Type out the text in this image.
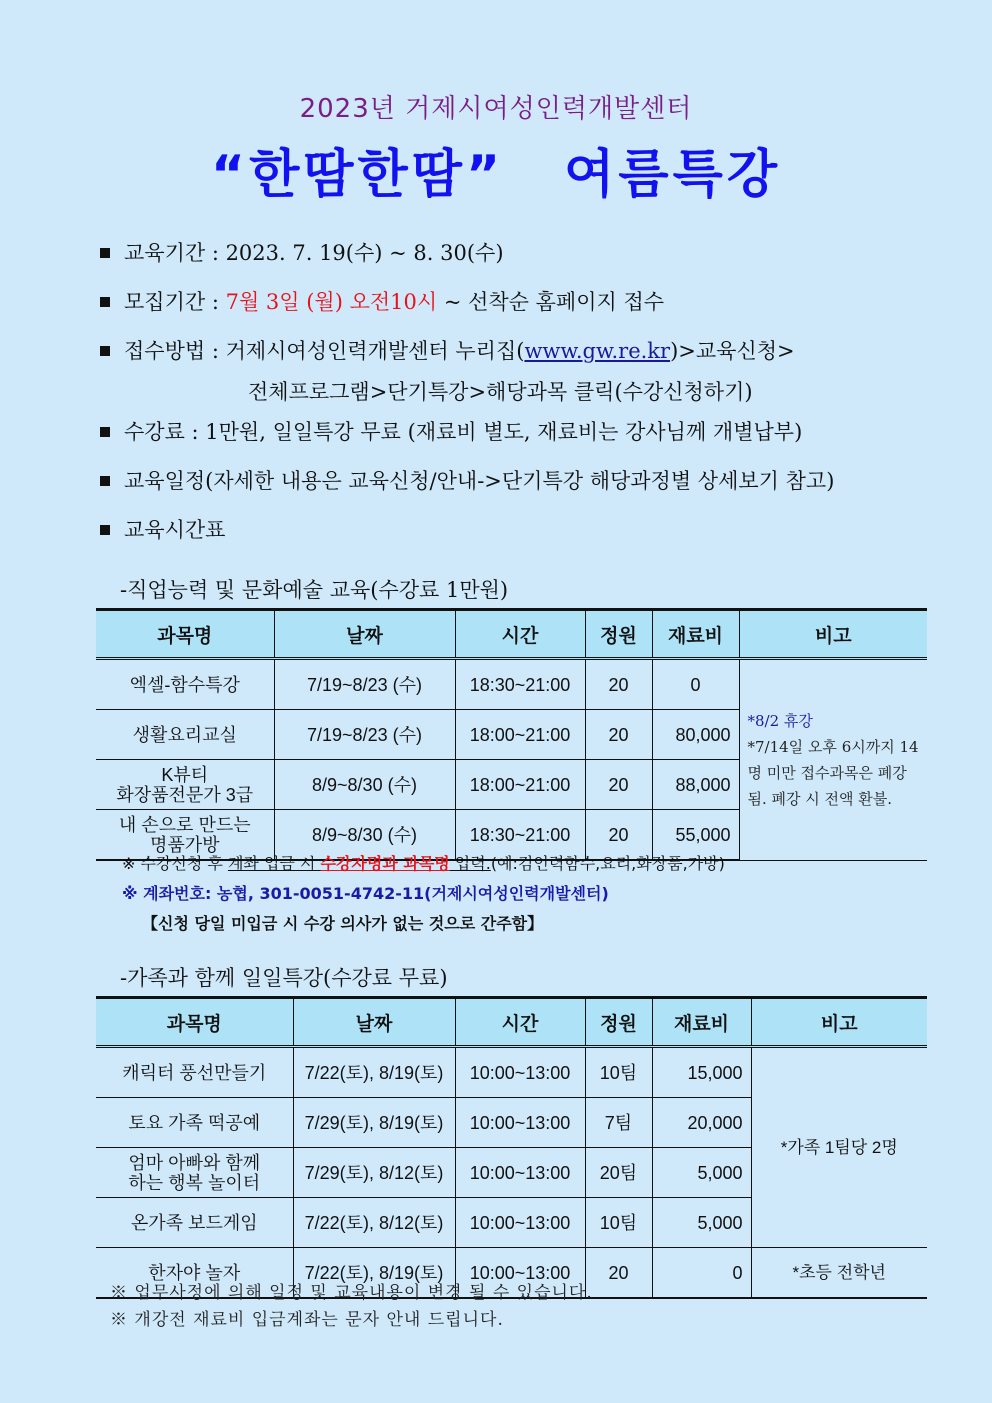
2023년 거제시여성인력개발센터
“한땀한땀” 여름특강
교육기간 : 2023. 7. 19(수) ~ 8. 30(수)
모집기간 : 7월 3일 (월) 오전10시 ~ 선착순 홈페이지 접수
접수방법 : 거제시여성인력개발센터 누리집(www.gw.re.kr)>교육신청>
전체프로그램>단기특강>해당과목 클릭(수강신청하기)
수강료 : 1만원, 일일특강 무료 (재료비 별도, 재료비는 강사님께 개별납부)
교육일정(자세한 내용은 교육신청/안내->단기특강 해당과정별 상세보기 참고)
교육시간표
-직업능력 및 문화예술 교육(수강료 1만원)
과목명	날짜	시간	정원	재료비	비고
엑셀-함수특강	7/19~8/23 (수)	18:30~21:00	20	0	*8/2 휴강
*7/14일 오후 6시까지 14명 미만 접수과목은 폐강됨. 폐강 시 전액 환불.

생활요리교실	7/19~8/23 (수)	18:00~21:00	20	80,000	
K뷰티
화장품전문가 3급	8/9~8/30 (수)	18:00~21:00	20	88,000	
내 손으로 만드는
명품가방	8/9~8/30 (수)	18:30~21:00	20	55,000	
※ 수강신청 후 계좌 입금 시 수강자명과 과목명 입력.(예:김인력함수,요리,화장품,가방)
※ 계좌번호: 농협, 301-0051-4742-11(거제시여성인력개발센터)
【신청 당일 미입금 시 수강 의사가 없는 것으로 간주함】
-가족과 함께 일일특강(수강료 무료)
과목명	날짜	시간	정원	재료비	비고
캐릭터 풍선만들기	7/22(토), 8/19(토)	10:00~13:00	10팀	15,000	*가족 1팀당 2명
토요 가족 떡공예	7/29(토), 8/19(토)	10:00~13:00	7팀	20,000	
엄마 아빠와 함께
하는 행복 놀이터	7/29(토), 8/12(토)	10:00~13:00	20팀	5,000	
온가족 보드게임	7/22(토), 8/12(토)	10:00~13:00	10팀	5,000	
한자야 놀자	7/22(토), 8/19(토)	10:00~13:00	20	0	*초등 전학년
※ 업무사정에 의해 일정 및 교육내용이 변경 될 수 있습니다.
※ 개강전 재료비 입금계좌는 문자 안내 드립니다.
